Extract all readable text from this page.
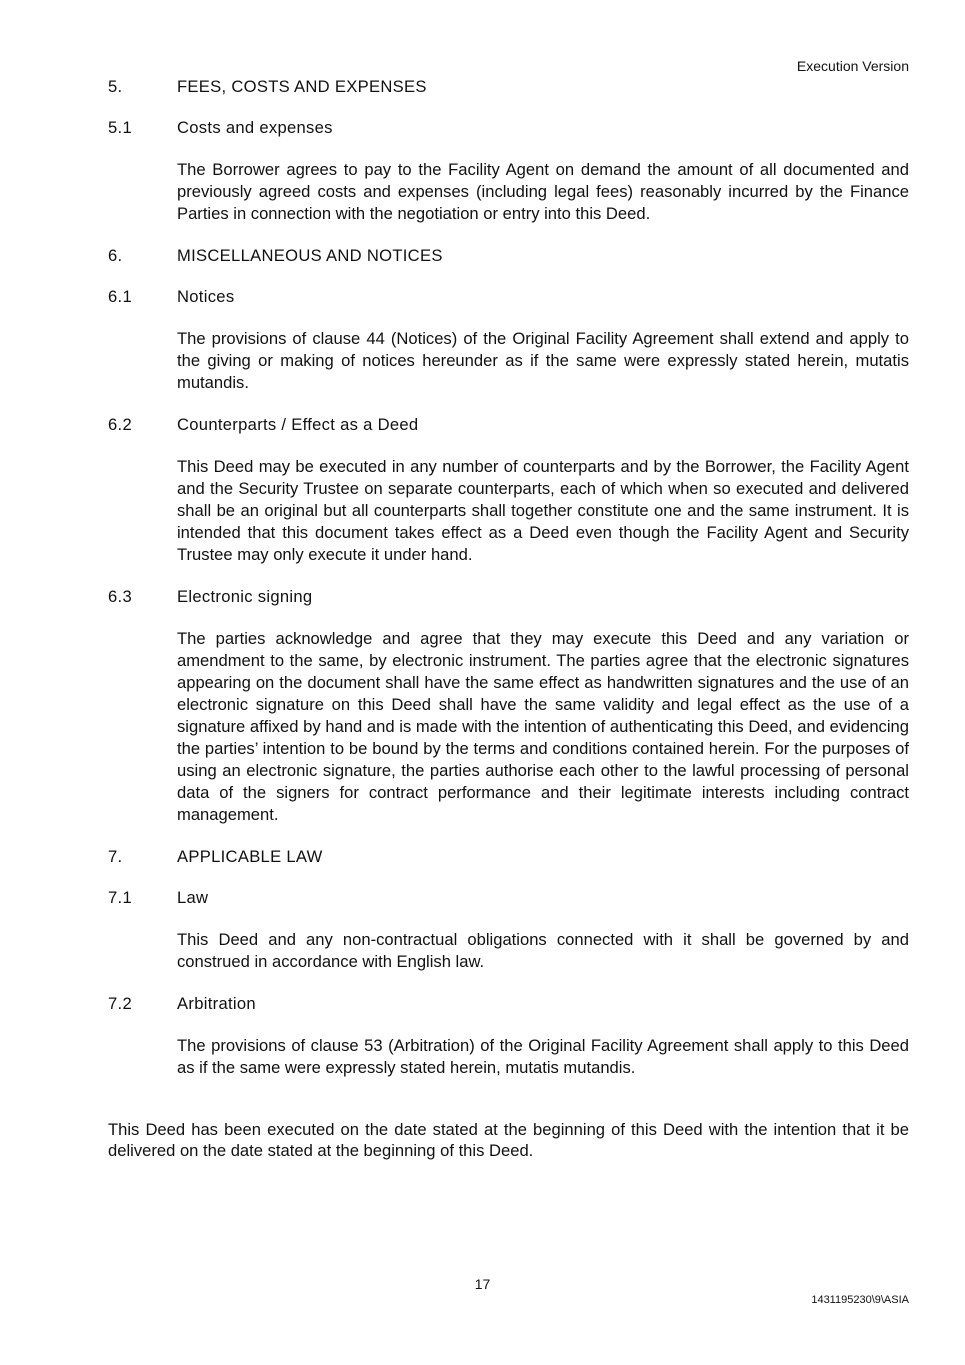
Execution Version
5.	FEES, COSTS AND EXPENSES
5.1	Costs and expenses

The Borrower agrees to pay to the Facility Agent on demand the amount of all documented and previously agreed costs and expenses (including legal fees) reasonably incurred by the Finance Parties in connection with the negotiation or entry into this Deed.

6.	MISCELLANEOUS AND NOTICES
6.1	Notices

The provisions of clause 44 (Notices) of the Original Facility Agreement shall extend and apply to the giving or making of notices hereunder as if the same were expressly stated herein, mutatis mutandis.

6.2	Counterparts / Effect as a Deed

This Deed may be executed in any number of counterparts and by the Borrower, the Facility Agent and the Security Trustee on separate counterparts, each of which when so executed and delivered shall be an original but all counterparts shall together constitute one and the same instrument. It is intended that this document takes effect as a Deed even though the Facility Agent and Security Trustee may only execute it under hand.

6.3	Electronic signing

The parties acknowledge and agree that they may execute this Deed and any variation or amendment to the same, by electronic instrument. The parties agree that the electronic signatures appearing on the document shall have the same effect as handwritten signatures and the use of an electronic signature on this Deed shall have the same validity and legal effect as the use of a signature affixed by hand and is made with the intention of authenticating this Deed, and evidencing the parties’ intention to be bound by the terms and conditions contained herein. For the purposes of using an electronic signature, the parties authorise each other to the lawful processing of personal data of the signers for contract performance and their legitimate interests including contract management.

7.	APPLICABLE LAW
7.1	Law

This Deed and any non-contractual obligations connected with it shall be governed by and construed in accordance with English law.

7.2	Arbitration

The provisions of clause 53 (Arbitration) of the Original Facility Agreement shall apply to this Deed as if the same were expressly stated herein, mutatis mutandis.

This Deed has been executed on the date stated at the beginning of this Deed with the intention that it be delivered on the date stated at the beginning of this Deed.

17
1431195230\9\ASIA
